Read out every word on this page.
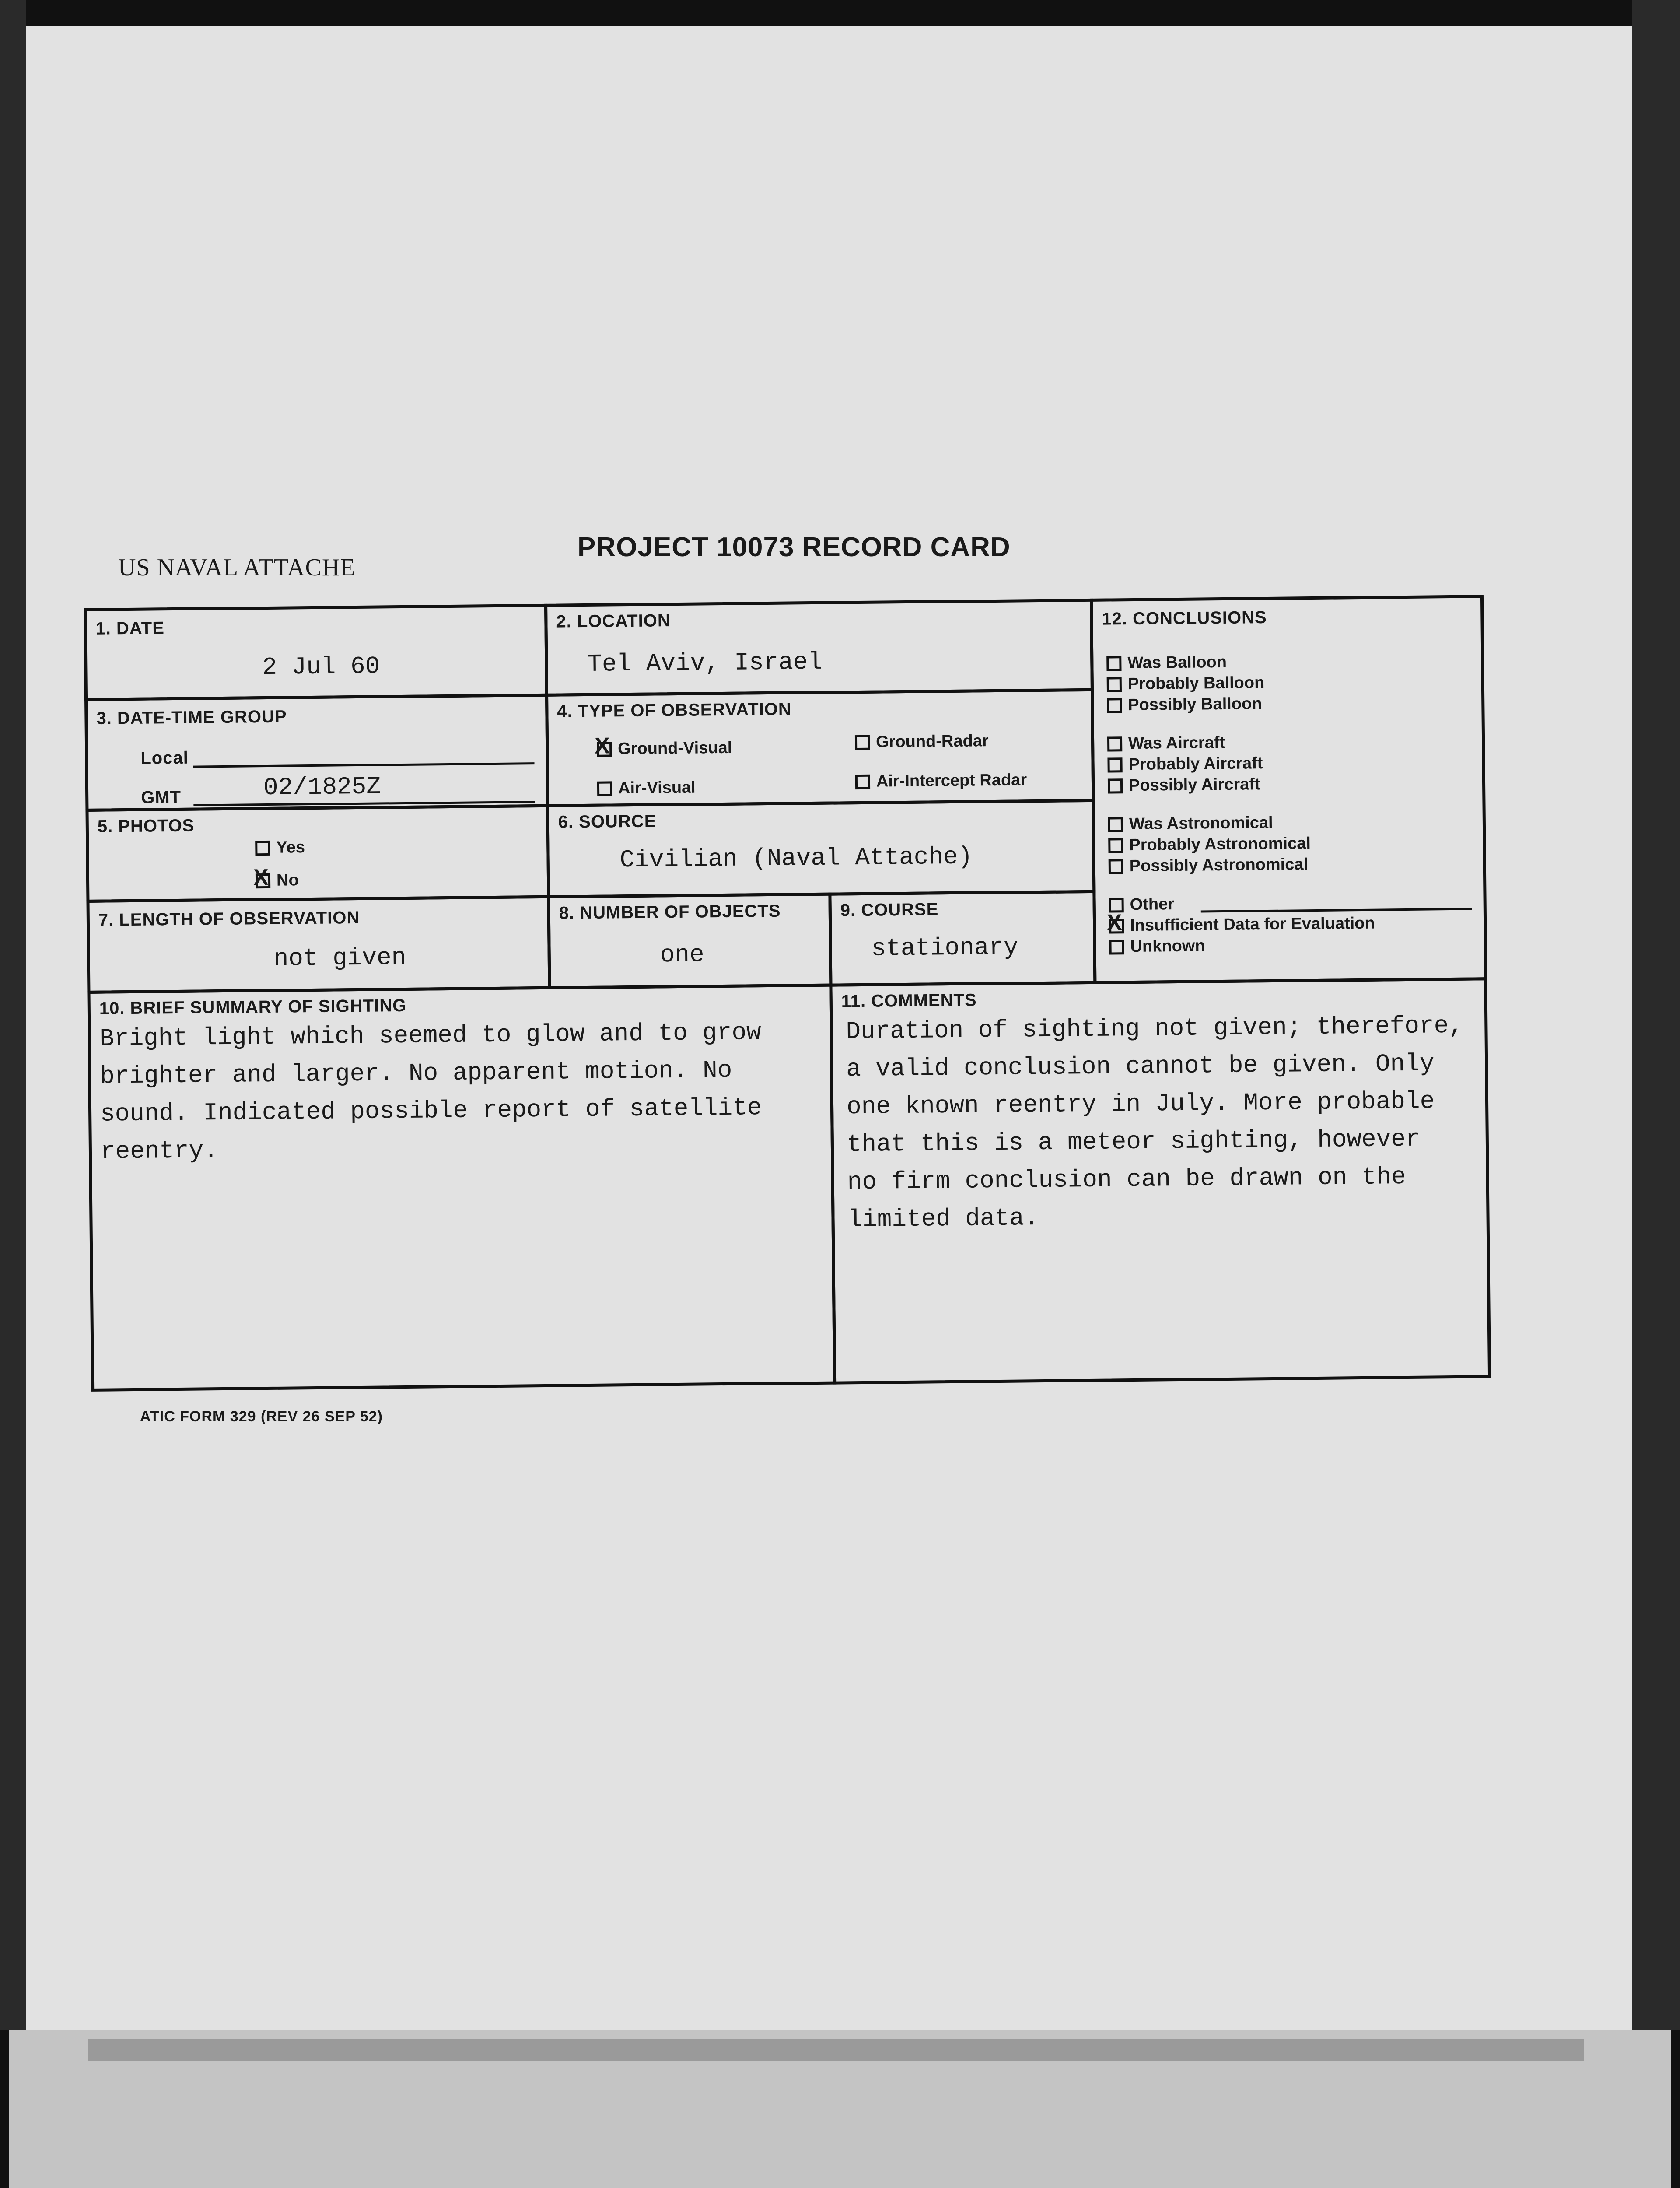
US NAVAL ATTACHE
PROJECT 10073 RECORD CARD
1. DATE
2 Jul 60
2. LOCATION
Tel Aviv, Israel
3. DATE-TIME GROUP
Local
GMT	02/1825Z
4. TYPE OF OBSERVATION
X
Ground-Visual	Ground-Radar
Air-Visual	Air-Intercept Radar
5. PHOTOS
Yes
X
No
6. SOURCE
Civilian (Naval Attache)
7. LENGTH OF OBSERVATION
not given
8. NUMBER OF OBJECTS
one
9. COURSE
stationary
12. CONCLUSIONS
Was Balloon
Probably Balloon
Possibly Balloon
Was Aircraft
Probably Aircraft
Possibly Aircraft
Was Astronomical
Probably Astronomical
Possibly Astronomical
Other
X
Insufficient Data for Evaluation
Unknown
10. BRIEF SUMMARY OF SIGHTING
Bright light which seemed to glow and to grow
brighter and larger. No apparent motion. No
sound. Indicated possible report of satellite
reentry.
11. COMMENTS
Duration of sighting not given; therefore,
a valid conclusion cannot be given. Only
one known reentry in July. More probable
that this is a meteor sighting, however
no firm conclusion can be drawn on the
limited data.
ATIC FORM 329 (REV 26 SEP 52)
